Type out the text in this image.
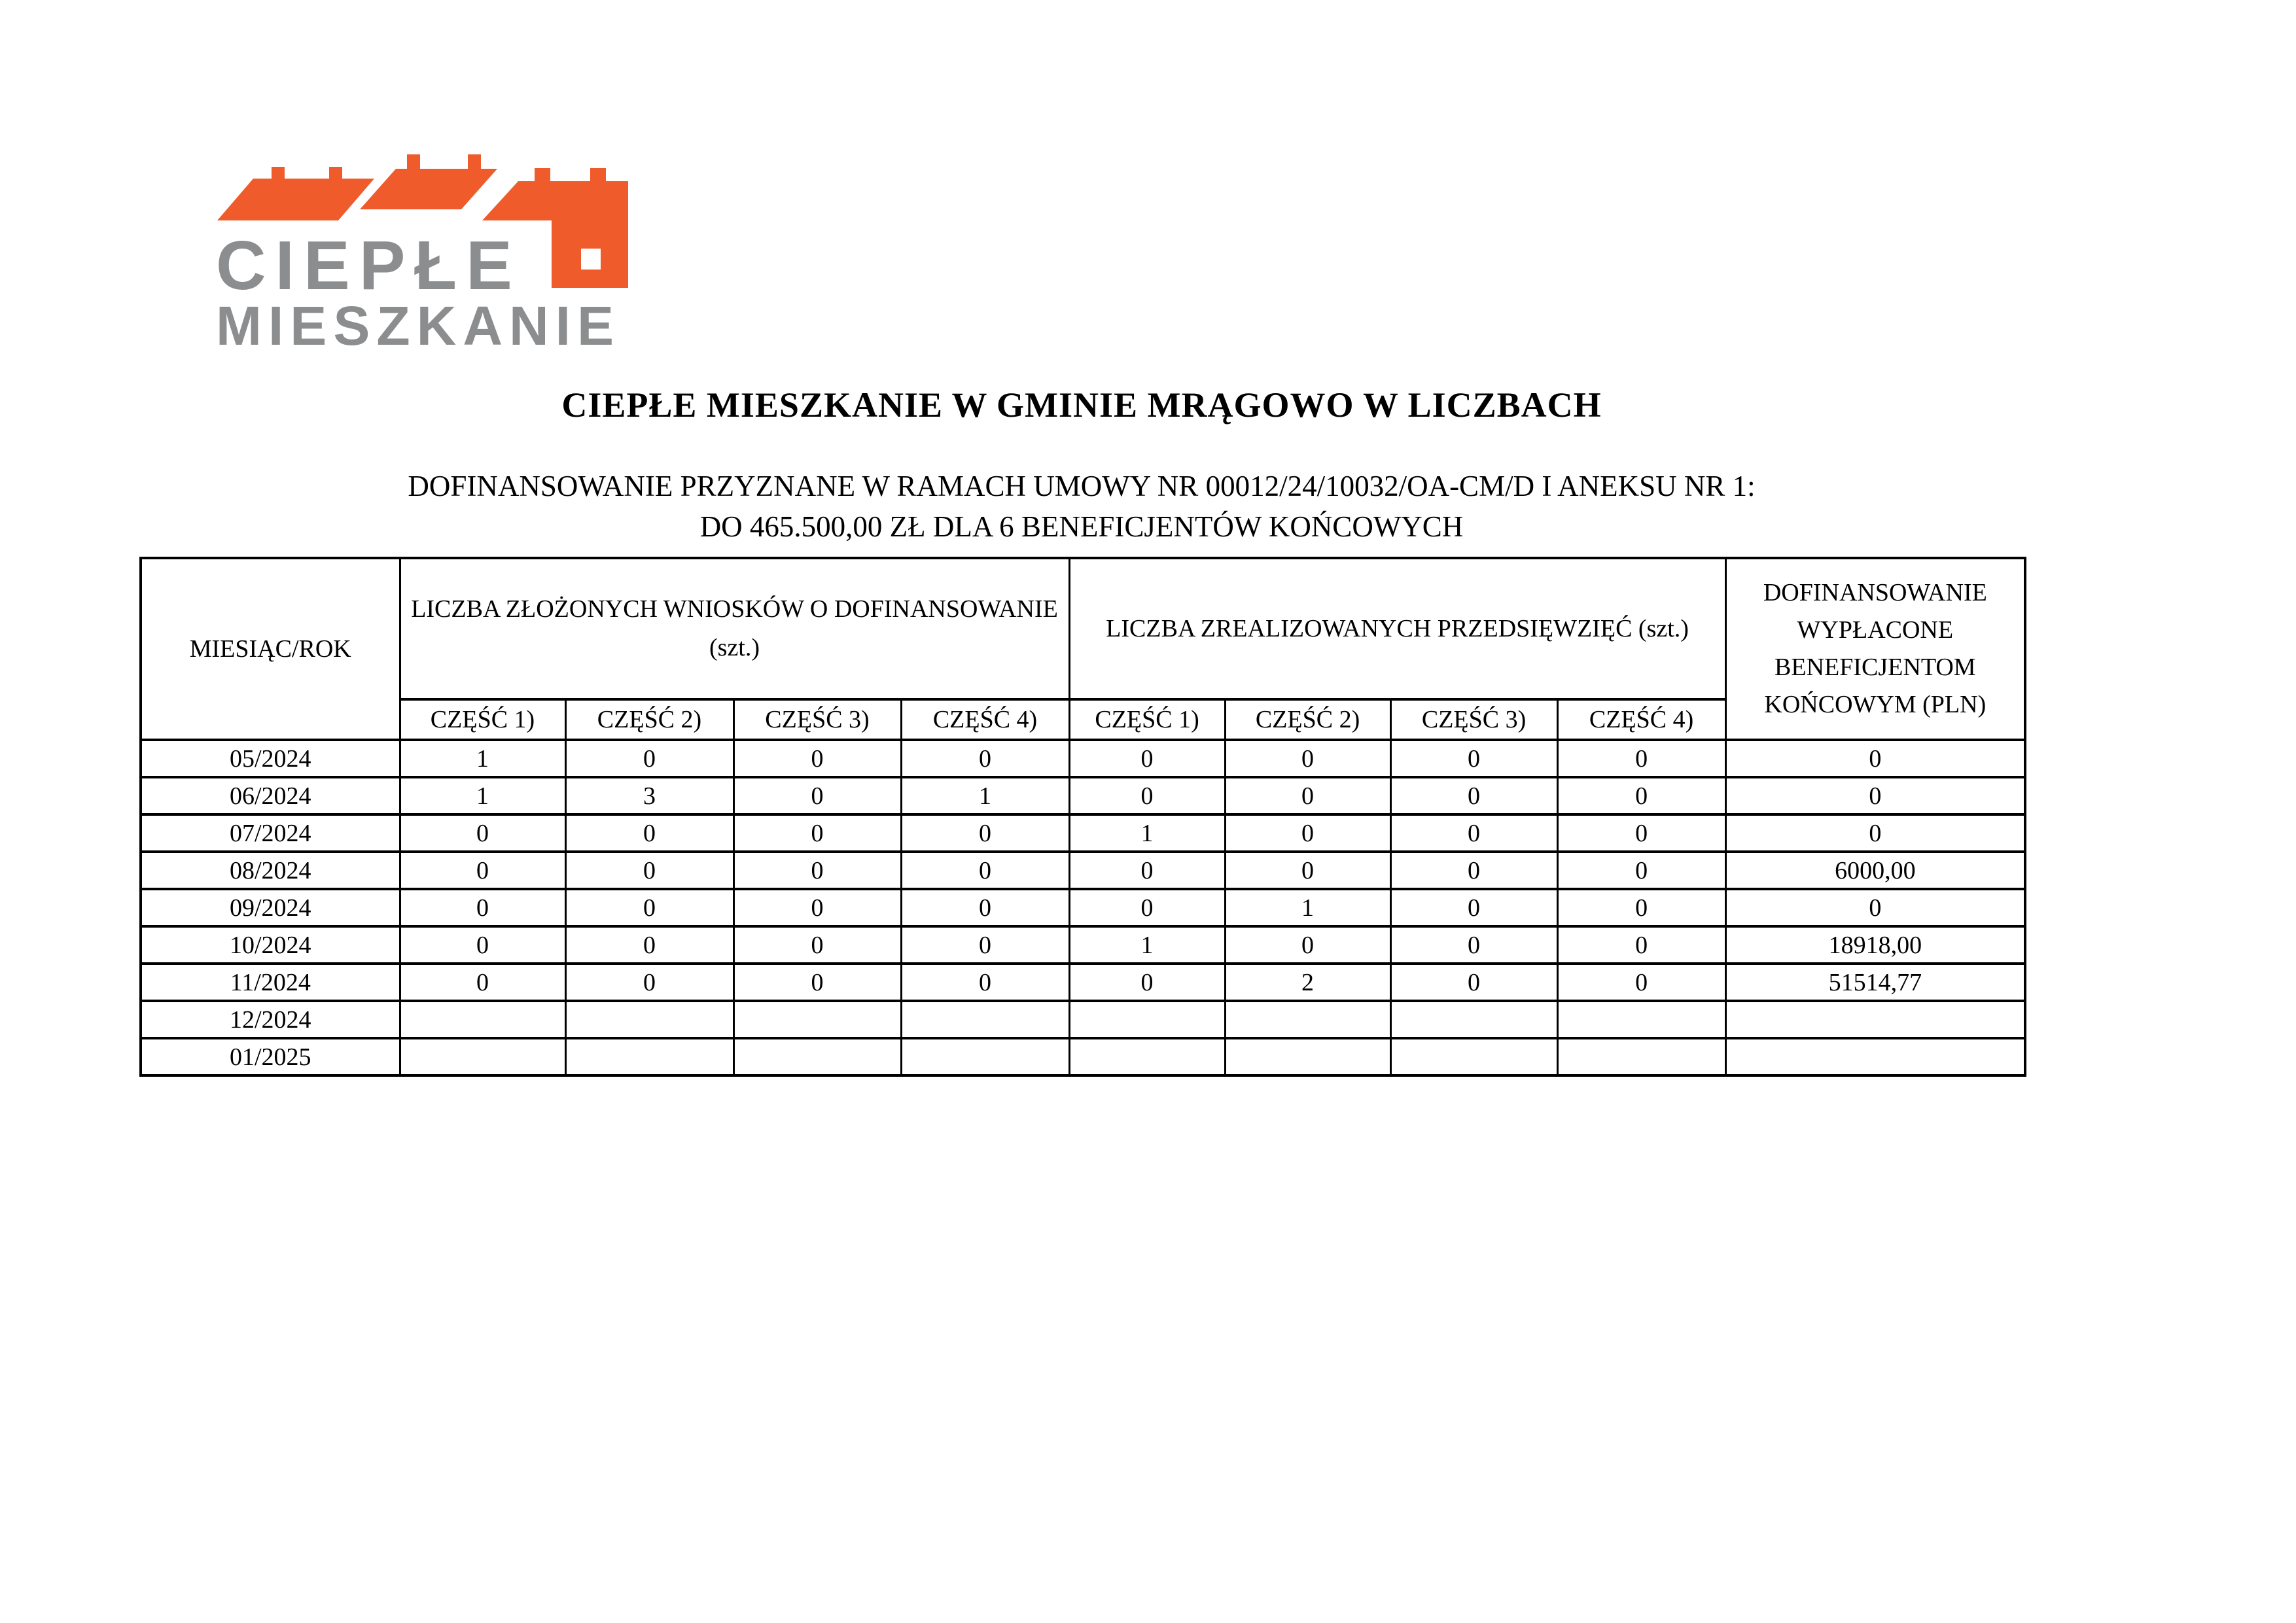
CIEPŁE
MIESZKANIE
CIEPŁE MIESZKANIE W GMINIE MRĄGOWO W LICZBACH
DOFINANSOWANIE PRZYZNANE W RAMACH UMOWY NR 00012/24/10032/OA-CM/D I ANEKSU NR 1:
DO 465.500,00 ZŁ DLA 6 BENEFICJENTÓW KOŃCOWYCH
MIESIĄC/ROK	LICZBA ZŁOŻONYCH WNIOSKÓW O DOFINANSOWANIE (szt.)				LICZBA ZREALIZOWANYCH PRZEDSIĘWZIĘĆ (szt.)				DOFINANSOWANIE WYPŁACONE BENEFICJENTOM KOŃCOWYM (PLN)
	CZĘŚĆ 1)	CZĘŚĆ 2)	CZĘŚĆ 3)	CZĘŚĆ 4)	CZĘŚĆ 1)	CZĘŚĆ 2)	CZĘŚĆ 3)	CZĘŚĆ 4)	
05/2024	1	0	0	0	0	0	0	0	0
06/2024	1	3	0	1	0	0	0	0	0
07/2024	0	0	0	0	1	0	0	0	0
08/2024	0	0	0	0	0	0	0	0	6000,00
09/2024	0	0	0	0	0	1	0	0	0
10/2024	0	0	0	0	1	0	0	0	18918,00
11/2024	0	0	0	0	0	2	0	0	51514,77
12/2024									
01/2025									
